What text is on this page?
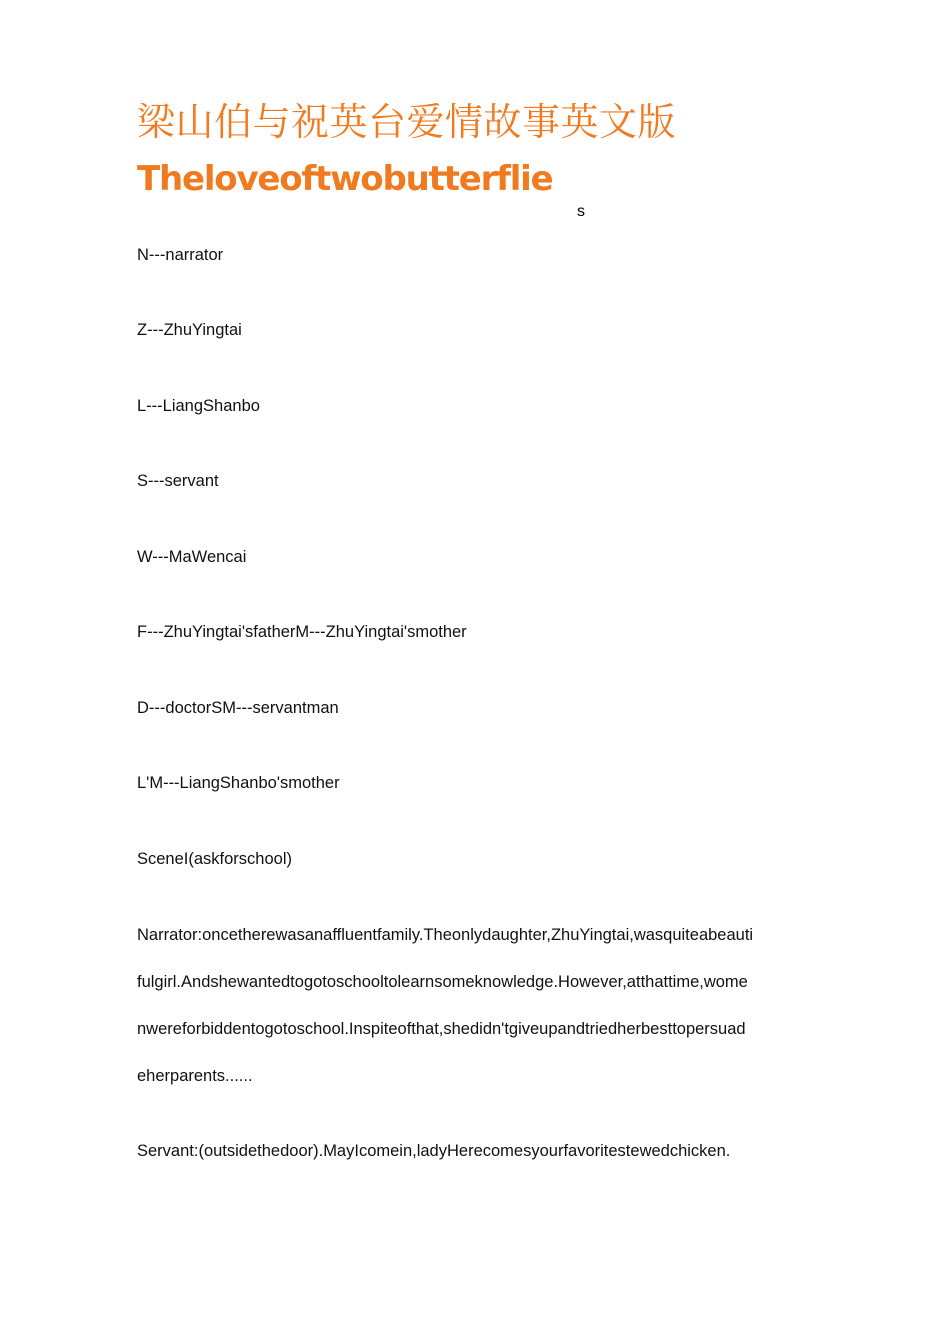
梁山伯与祝英台爱情故事英文版
Theloveoftwobutterflie
s
N---narrator
Z---ZhuYingtai
L---LiangShanbo
S---servant
W---MaWencai
F---ZhuYingtai'sfatherM---ZhuYingtai'smother
D---doctorSM---servantman
L'M---LiangShanbo'smother
SceneI(askforschool)
Narrator:oncetherewasanaffluentfamily.Theonlydaughter,ZhuYingtai,wasquiteabeauti
fulgirl.Andshewantedtogotoschooltolearnsomeknowledge.However,atthattime,wome
nwereforbiddentogotoschool.Inspiteofthat,shedidn'tgiveupandtriedherbesttopersuad
eherparents......
Servant:(outsidethedoor).MayIcomein,ladyHerecomesyourfavoritestewedchicken.
